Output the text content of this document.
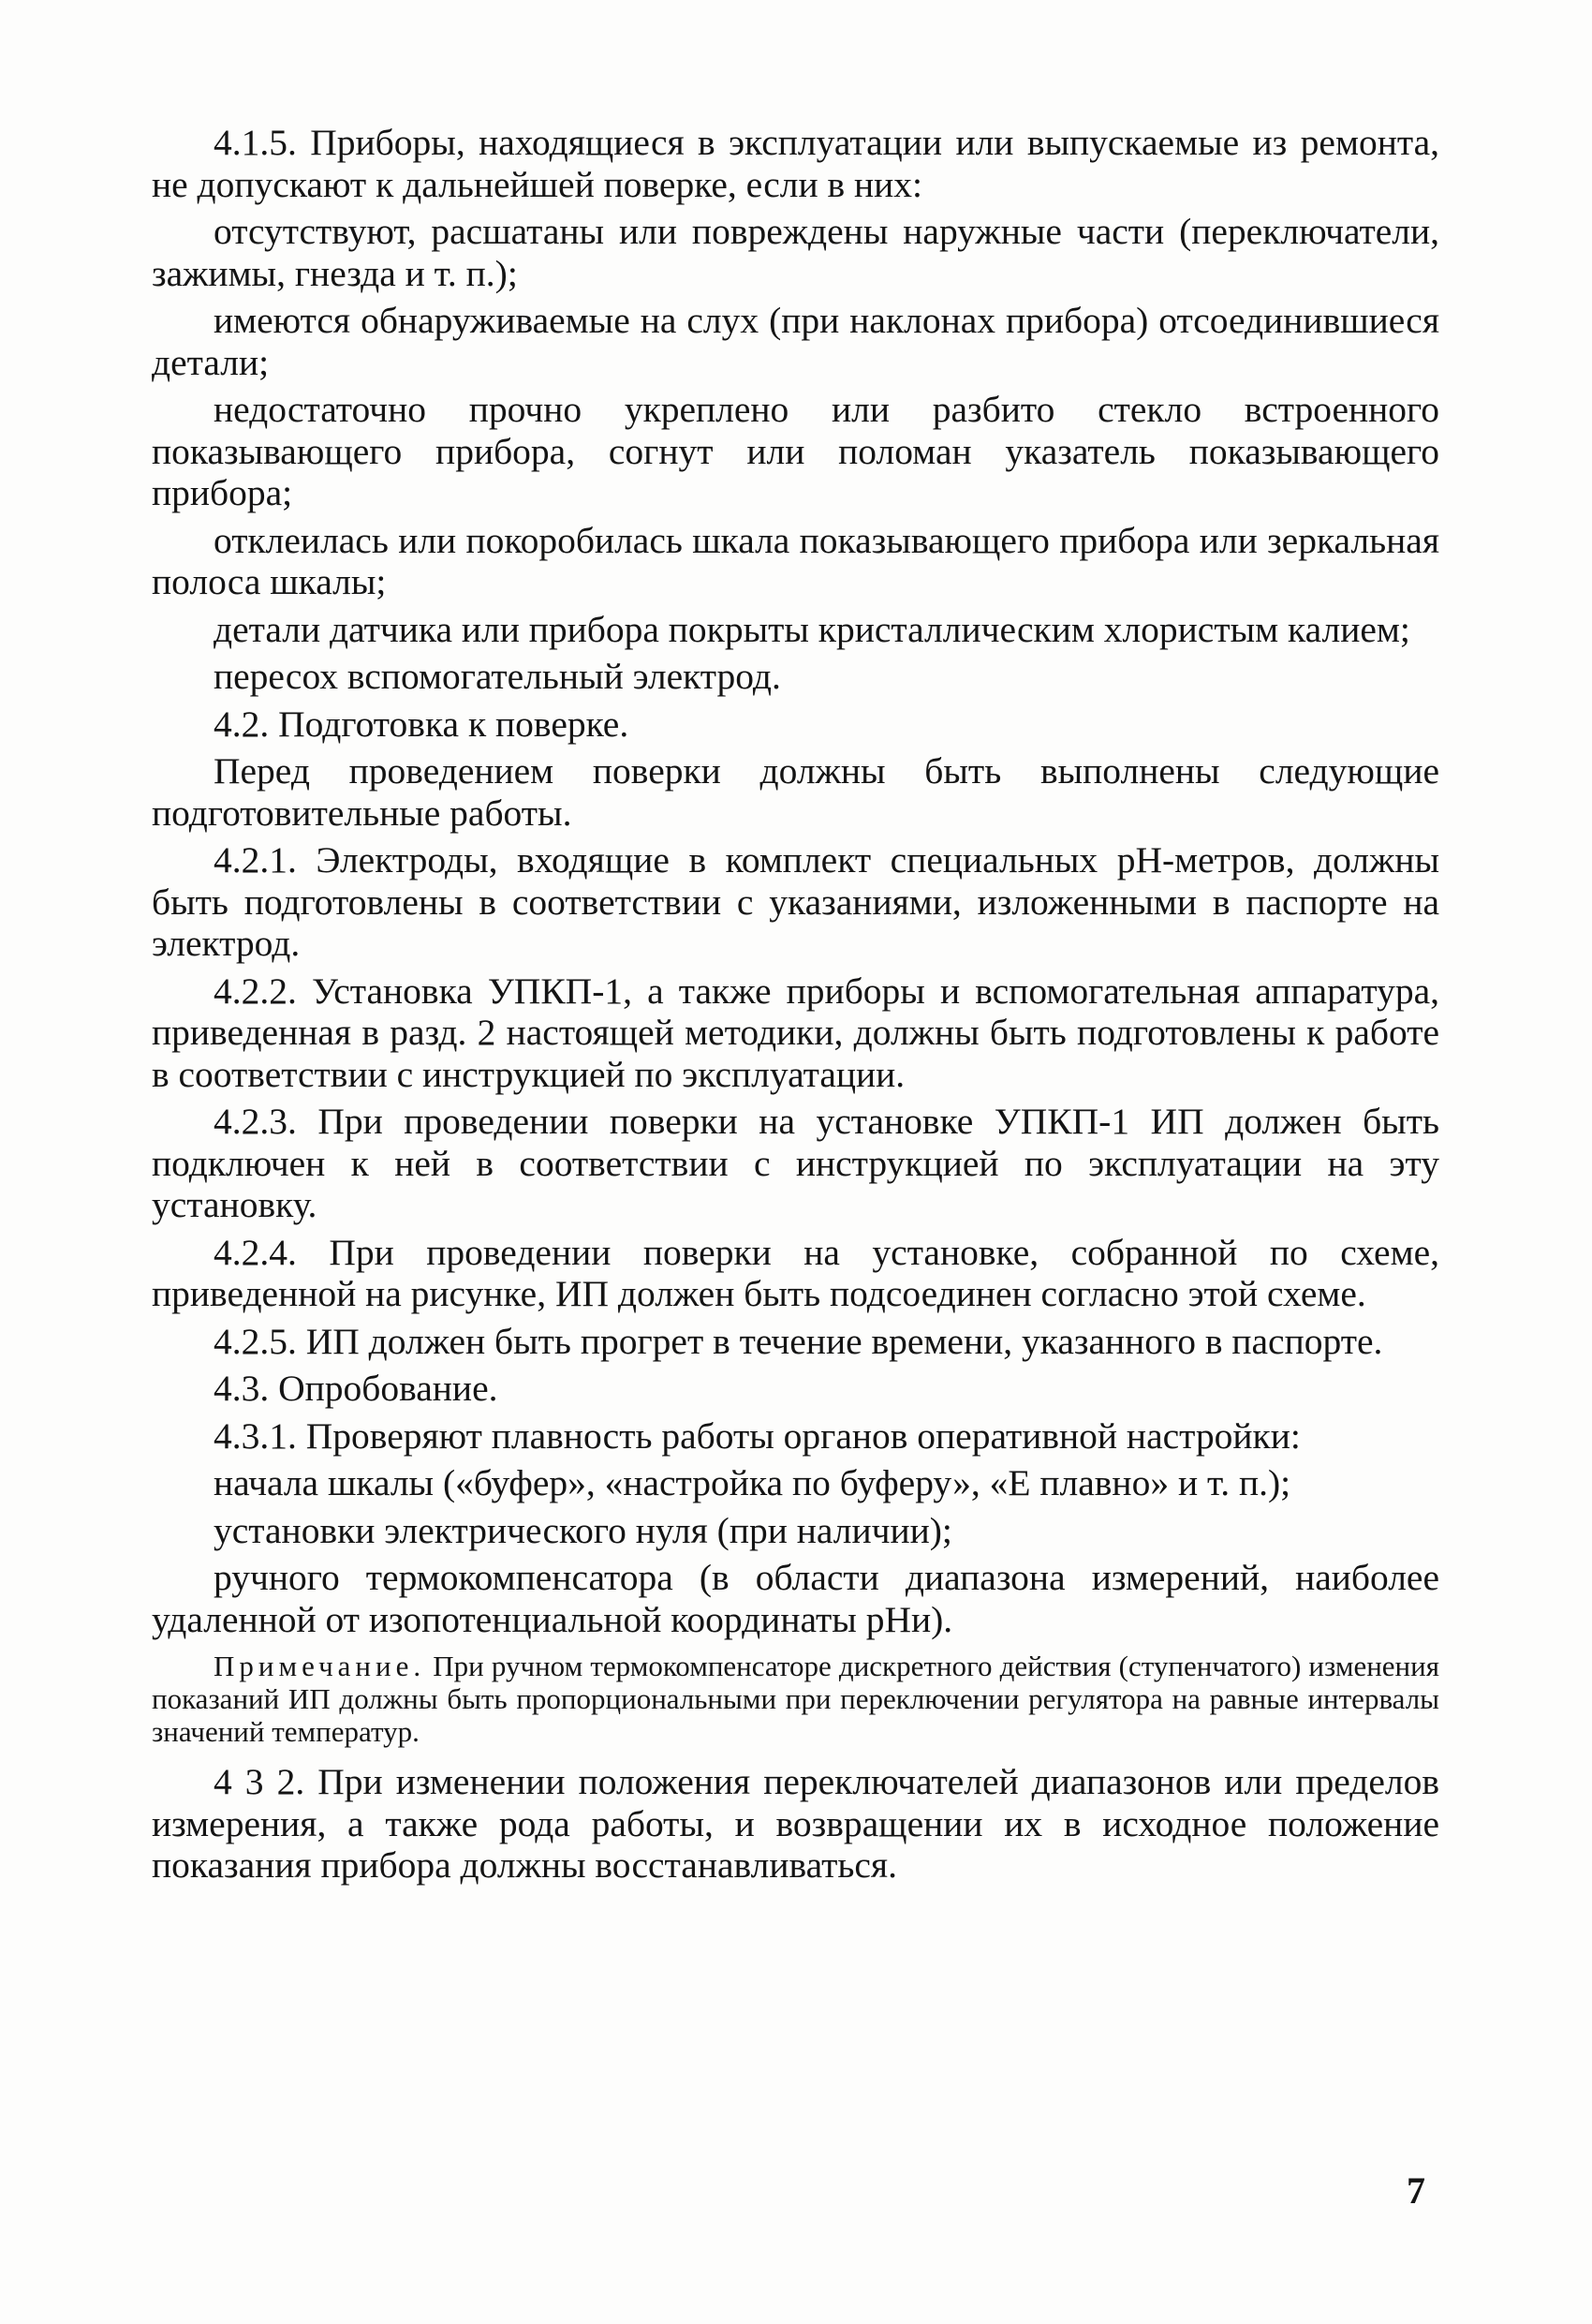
4.1.5. Приборы, находящиеся в эксплуатации или выпускаемые из ремонта, не допускают к дальнейшей поверке, если в них:

отсутствуют, расшатаны или повреждены наружные части (переключатели, зажимы, гнезда и т. п.);

имеются обнаруживаемые на слух (при наклонах прибора) отсоединившиеся детали;

недостаточно прочно укреплено или разбито стекло встроенного показывающего прибора, согнут или поломан указатель показывающего прибора;

отклеилась или покоробилась шкала показывающего прибора или зеркальная полоса шкалы;

детали датчика или прибора покрыты кристаллическим хлористым калием;

пересох вспомогательный электрод.

4.2. Подготовка к поверке.

Перед проведением поверки должны быть выполнены следующие подготовительные работы.

4.2.1. Электроды, входящие в комплект специальных рН-метров, должны быть подготовлены в соответствии с указаниями, изложенными в паспорте на электрод.

4.2.2. Установка УПКП-1, а также приборы и вспомогательная аппаратура, приведенная в разд. 2 настоящей методики, должны быть подготовлены к работе в соответствии с инструкцией по эксплуатации.

4.2.3. При проведении поверки на установке УПКП-1 ИП должен быть подключен к ней в соответствии с инструкцией по эксплуатации на эту установку.

4.2.4. При проведении поверки на установке, собранной по схеме, приведенной на рисунке, ИП должен быть подсоединен согласно этой схеме.

4.2.5. ИП должен быть прогрет в течение времени, указанного в паспорте.

4.3. Опробование.

4.3.1. Проверяют плавность работы органов оперативной настройки:

начала шкалы («буфер», «настройка по буферу», «Е плавно» и т. п.);

установки электрического нуля (при наличии);

ручного термокомпенсатора (в области диапазона измерений, наиболее удаленной от изопотенциальной координаты рНи).

Примечание. При ручном термокомпенсаторе дискретного действия (ступенчатого) изменения показаний ИП должны быть пропорциональными при переключении регулятора на равные интервалы значений температур.

4 3 2. При изменении положения переключателей диапазонов или пределов измерения, а также рода работы, и возвращении их в исходное положение показания прибора должны восстанавливаться.

7
